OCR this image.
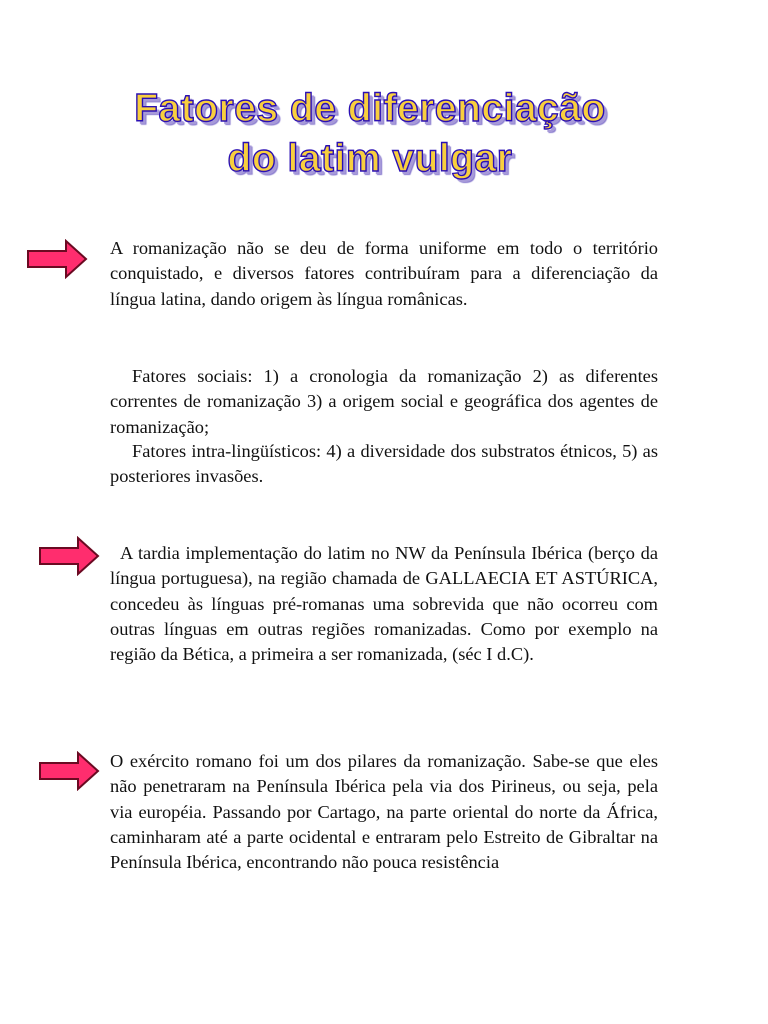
Fatores de diferenciação
do latim vulgar

A romanização não se deu de forma uniforme em todo o território conquistado, e diversos fatores contribuíram para a diferenciação da língua latina, dando origem às língua românicas.

Fatores sociais: 1) a cronologia da romanização 2) as diferentes correntes de romanização 3) a origem social e geográfica dos agentes de romanização;

Fatores intra-lingüísticos: 4) a diversidade dos substratos étnicos, 5) as posteriores invasões.

A tardia implementação do latim no NW da Península Ibérica (berço da língua portuguesa), na região chamada de GALLAECIA ET ASTÚRICA, concedeu às línguas pré-romanas uma sobrevida que não ocorreu com outras línguas em outras regiões romanizadas. Como por exemplo na região da Bética, a primeira a ser romanizada, (séc I d.C).

O exército romano foi um dos pilares da romanização. Sabe-se que eles não penetraram na Península Ibérica pela via dos Pirineus, ou seja, pela via européia. Passando por Cartago, na parte oriental do norte da África, caminharam até a parte ocidental e entraram pelo Estreito de Gibraltar na Península Ibérica, encontrando não pouca resistência
